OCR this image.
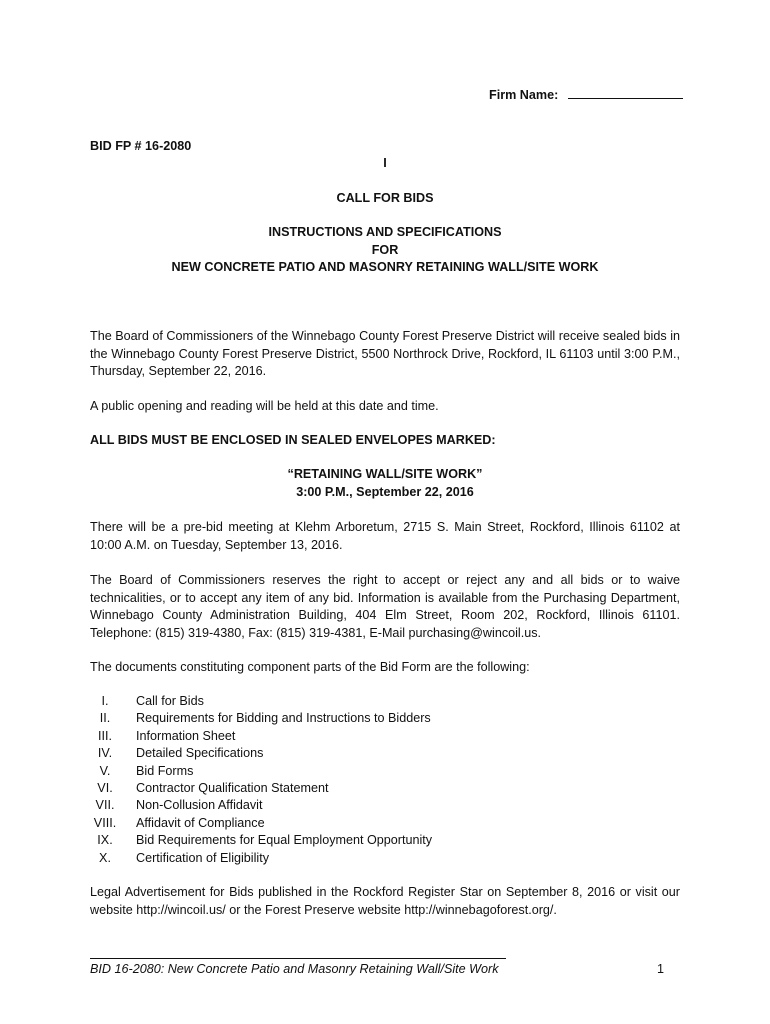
Firm Name:
BID FP # 16-2080
I
CALL FOR BIDS
INSTRUCTIONS AND SPECIFICATIONS
FOR
NEW CONCRETE PATIO AND MASONRY RETAINING WALL/SITE WORK

The Board of Commissioners of the Winnebago County Forest Preserve District will receive sealed bids in the Winnebago County Forest Preserve District, 5500 Northrock Drive, Rockford, IL 61103 until 3:00 P.M., Thursday, September 22, 2016.

A public opening and reading will be held at this date and time.

ALL BIDS MUST BE ENCLOSED IN SEALED ENVELOPES MARKED:

“RETAINING WALL/SITE WORK”
3:00 P.M., September 22, 2016

There will be a pre-bid meeting at Klehm Arboretum, 2715 S. Main Street, Rockford, Illinois 61102 at 10:00 A.M. on Tuesday, September 13, 2016.

The Board of Commissioners reserves the right to accept or reject any and all bids or to waive technicalities, or to accept any item of any bid. Information is available from the Purchasing Department, Winnebago County Administration Building, 404 Elm Street, Room 202, Rockford, Illinois 61101. Telephone: (815) 319-4380, Fax: (815) 319-4381, E-Mail purchasing@wincoil.us.

The documents constituting component parts of the Bid Form are the following:

I. Call for Bids
II. Requirements for Bidding and Instructions to Bidders
III. Information Sheet
IV. Detailed Specifications
V. Bid Forms
VI. Contractor Qualification Statement
VII. Non-Collusion Affidavit
VIII. Affidavit of Compliance
IX. Bid Requirements for Equal Employment Opportunity
X. Certification of Eligibility

Legal Advertisement for Bids published in the Rockford Register Star on September 8, 2016 or visit our website http://wincoil.us/ or the Forest Preserve website http://winnebagoforest.org/.

BID 16-2080: New Concrete Patio and Masonry Retaining Wall/Site Work	1
